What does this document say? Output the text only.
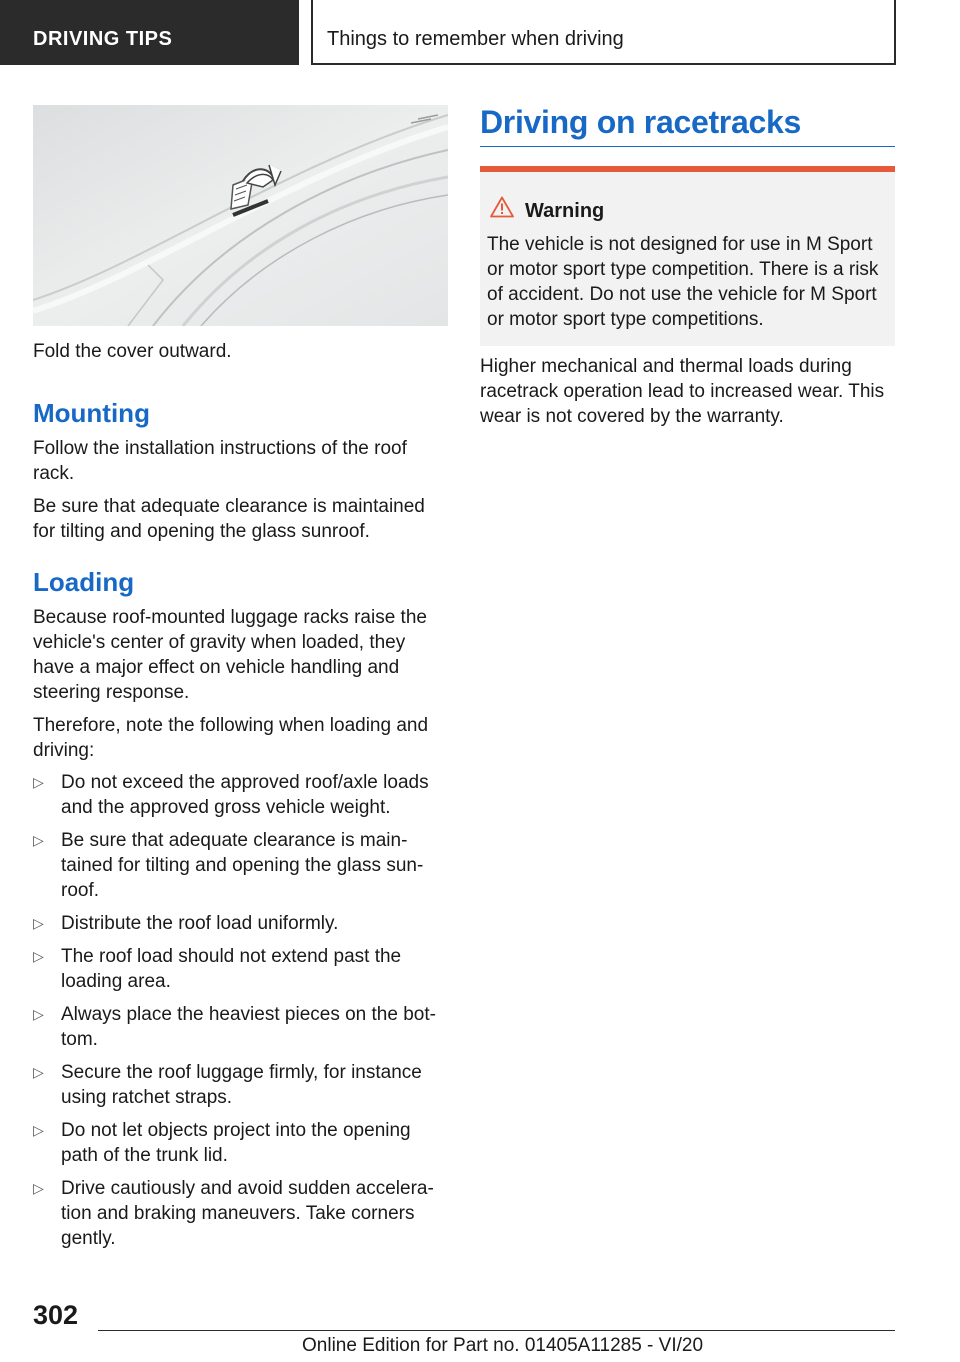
DRIVING TIPS	Things to remember when driving
Fold the cover outward.
Mounting
Follow the installation instructions of the roof rack.
Be sure that adequate clearance is maintained for tilting and opening the glass sunroof.
Loading
Because roof-mounted luggage racks raise the vehicle's center of gravity when loaded, they have a major effect on vehicle handling and steering response.
Therefore, note the following when loading and driving:
▷ Do not exceed the approved roof/axle loads and the approved gross vehicle weight.
▷ Be sure that adequate clearance is maintained for tilting and opening the glass sunroof.
▷ Distribute the roof load uniformly.
▷ The roof load should not extend past the loading area.
▷ Always place the heaviest pieces on the bottom.
▷ Secure the roof luggage firmly, for instance using ratchet straps.
▷ Do not let objects project into the opening path of the trunk lid.
▷ Drive cautiously and avoid sudden acceleration and braking maneuvers. Take corners gently.
Driving on racetracks
Warning
The vehicle is not designed for use in M Sport or motor sport type competition. There is a risk of accident. Do not use the vehicle for M Sport or motor sport type competitions.
Higher mechanical and thermal loads during racetrack operation lead to increased wear. This wear is not covered by the warranty.
302
Online Edition for Part no. 01405A11285 - VI/20
